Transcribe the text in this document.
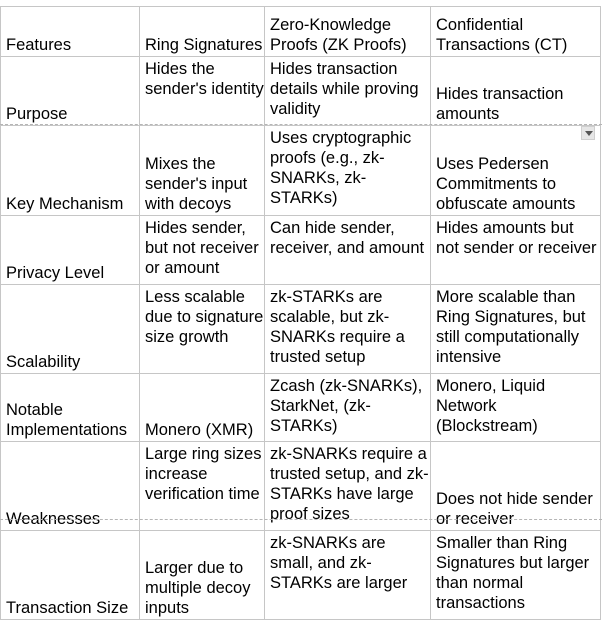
Features	Ring Signatures	Zero-Knowledge Proofs (ZK Proofs)	Confidential Transactions (CT)
Purpose	Hides the sender's identity	Hides transaction details while proving validity	Hides transaction amounts
Key Mechanism	Mixes the sender's input with decoys	Uses cryptographic proofs (e.g., zk-SNARKs, zk-STARKs)	Uses Pedersen Commitments to obfuscate amounts
Privacy Level	Hides sender, but not receiver or amount	Can hide sender, receiver, and amount	Hides amounts but not sender or receiver
Scalability	Less scalable due to signature size growth	zk-STARKs are scalable, but zk-SNARKs require a trusted setup	More scalable than Ring Signatures, but still computationally intensive
Notable Implementations	Monero (XMR)	Zcash (zk-SNARKs), StarkNet, (zk-STARKs)	Monero, Liquid Network (Blockstream)
Weaknesses	Large ring sizes increase verification time	zk-SNARKs require a trusted setup, and zk-STARKs have large proof sizes	Does not hide sender or receiver
Transaction Size	Larger due to multiple decoy inputs	zk-SNARKs are small, and zk-STARKs are larger	Smaller than Ring Signatures but larger than normal transactions
